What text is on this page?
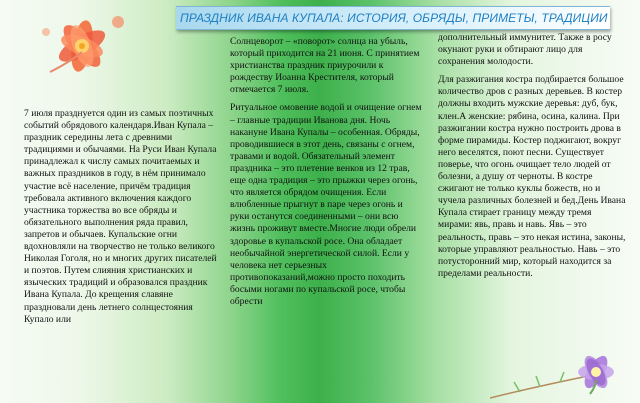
ПРАЗДНИК ИВАНА КУПАЛА: ИСТОРИЯ, ОБРЯДЫ, ПРИМЕТЫ, ТРАДИЦИИ

7 июля празднуется один из самых поэтичных событий обрядового календаря.Иван Купала – праздник середины лета с древними традициями и обычаями. На Руси Иван Купала принадлежал к числу самых почитаемых и важных праздников в году, в нём принимало участие всё население, причём традиция требовала активного включения каждого участника торжества во все обряды и обязательного выполнения ряда правил, запретов и обычаев. Купальские огни вдохновляли на творчество не только великого Николая Гоголя, но и многих других писателей и поэтов. Путем слияния христианских и языческих традиций и образовался праздник Ивана Купала. До крещения славяне праздновали день летнего солнцестояния Купало или

Солнцеворот – «поворот» солнца на убыль, который приходится на 21 июня. С принятием христианства праздник приурочили к рождеству Иоанна Крестителя, который отмечается 7 июля.

Ритуальное омовение водой и очищение огнем – главные традиции Иванова дня. Ночь накануне Ивана Купалы – особенная. Обряды, проводившиеся в этот день, связаны с огнем, травами и водой. Обязательный элемент праздника – это плетение венков из 12 трав, еще одна традиция – это прыжки через огонь, что является обрядом очищения. Если влюбленные прыгнут в паре через огонь и руки останутся соединенными – они всю жизнь проживут вместе.Многие люди обрели здоровье в купальской росе. Она обладает необычайной энергетической силой. Если у человека нет серьезных противопоказаний,можно просто походить босыми ногами по купальской росе, чтобы обрести

дополнительный иммунитет. Также в росу окунают руки и обтирают лицо для сохранения молодости.

Для разжигания костра подбирается большое количество дров с разных деревьев. В костер должны входить мужские деревья: дуб, бук, клен.А женские: рябина, осина, калина. При разжигании костра нужно построить дрова в форме пирамиды. Костер поджигают, вокруг него веселятся, поют песни. Существует поверье, что огонь очищает тело людей от болезни, а душу от черноты. В костре сжигают не только куклы божеств, но и чучела различных болезней и бед.День Ивана Купала стирает границу между тремя мирами: явь, правь и навь. Явь – это реальность, правь – это некая истина, законы, которые управляют реальностью. Навь – это потусторонний мир, который находится за пределами реальности.
